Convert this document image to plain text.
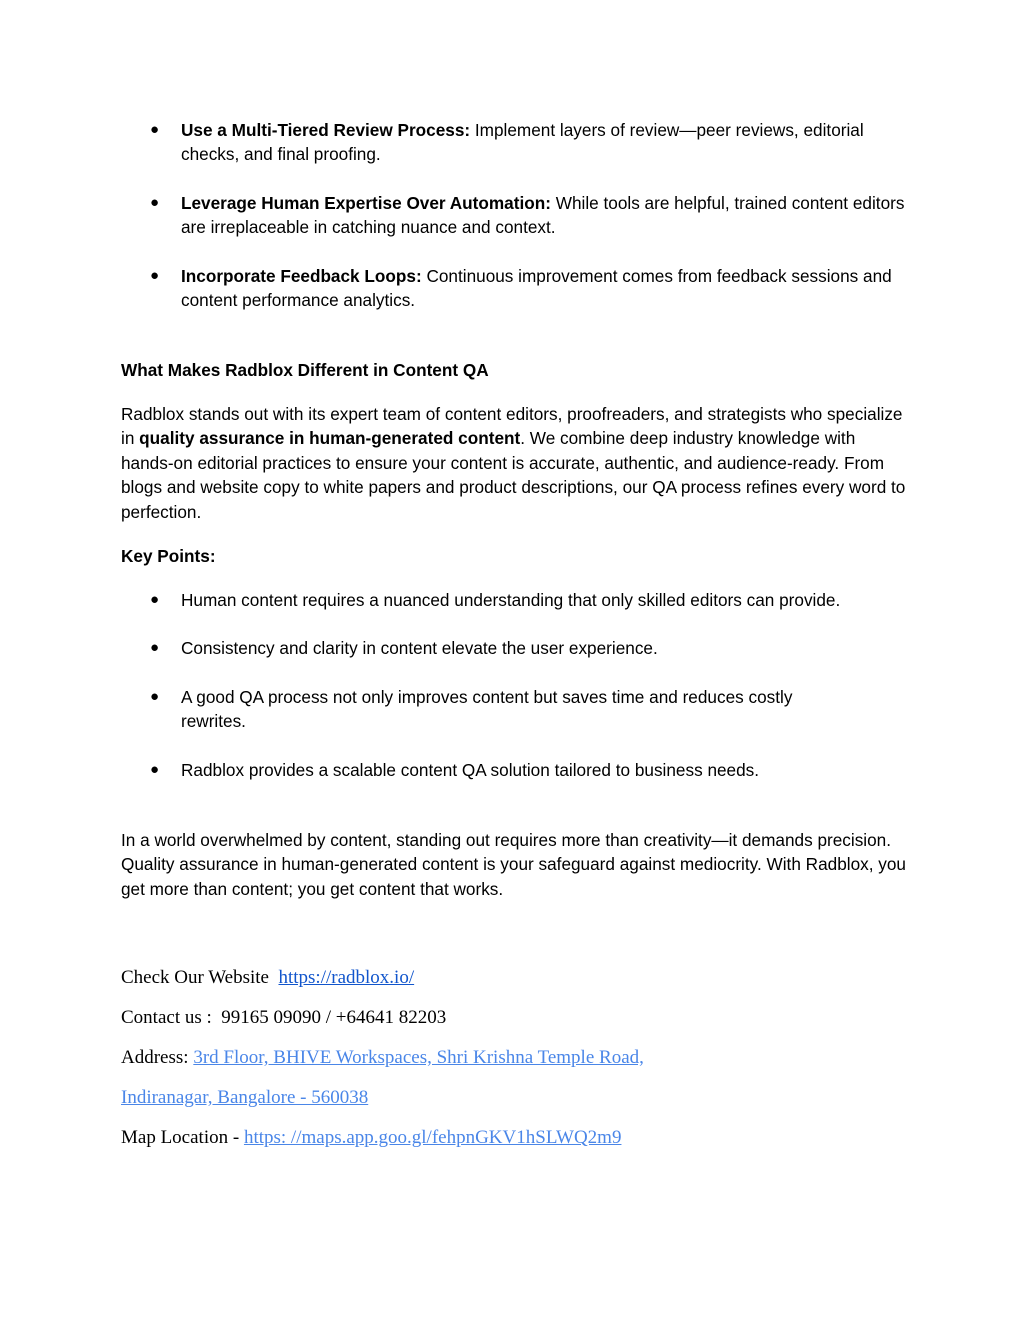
● Use a Multi-Tiered Review Process: Implement layers of review—peer reviews, editorial checks, and final proofing.
● Leverage Human Expertise Over Automation: While tools are helpful, trained content editors are irreplaceable in catching nuance and context.
● Incorporate Feedback Loops: Continuous improvement comes from feedback sessions and content performance analytics.
What Makes Radblox Different in Content QA

Radblox stands out with its expert team of content editors, proofreaders, and strategists who specialize in quality assurance in human-generated content. We combine deep industry knowledge with hands-on editorial practices to ensure your content is accurate, authentic, and audience-ready. From blogs and website copy to white papers and product descriptions, our QA process refines every word to perfection.

Key Points:
● Human content requires a nuanced understanding that only skilled editors can provide.
● Consistency and clarity in content elevate the user experience.
● A good QA process not only improves content but saves time and reduces costly rewrites.
● Radblox provides a scalable content QA solution tailored to business needs.

In a world overwhelmed by content, standing out requires more than creativity—it demands precision. Quality assurance in human-generated content is your safeguard against mediocrity. With Radblox, you get more than content; you get content that works.

Check Our Website  https://radblox.io/
Contact us :  99165 09090 / +64641 82203
Address: 3rd Floor, BHIVE Workspaces, Shri Krishna Temple Road,
Indiranagar, Bangalore - 560038
Map Location - https: //maps.app.goo.gl/fehpnGKV1hSLWQ2m9
